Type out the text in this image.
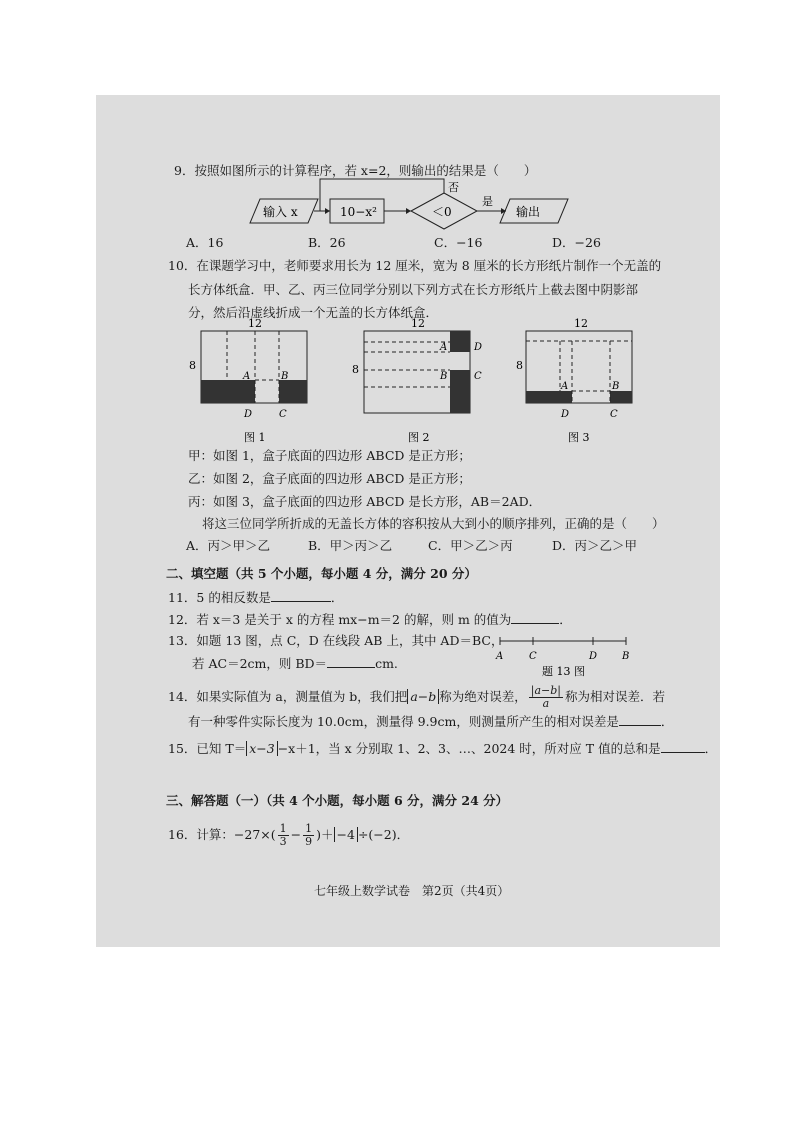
9．按照如图所示的计算程序，若 x=2，则输出的结果是（　　）
输入 x	10−x²	＜0
否
是
输出
A．16	B．26	C．−16	D．−26
10．在课题学习中，老师要求用长为 12 厘米，宽为 8 厘米的长方形纸片制作一个无盖的
长方体纸盒．甲、乙、丙三位同学分别以下列方式在长方形纸片上截去图中阴影部
分，然后沿虚线折成一个无盖的长方体纸盒．
12
8
A	B
D	C
图 1
12
8
A	D
B	C
图 2
12
8
A	B
D	C
图 3
甲：如图 1，盒子底面的四边形 ABCD 是正方形；
乙：如图 2，盒子底面的四边形 ABCD 是正方形；
丙：如图 3，盒子底面的四边形 ABCD 是长方形，AB＝2AD．
将这三位同学所折成的无盖长方体的容积按从大到小的顺序排列，正确的是（　　）
A．丙＞甲＞乙	B．甲＞丙＞乙	C．甲＞乙＞丙	D．丙＞乙＞甲
二、填空题（共 5 个小题，每小题 4 分，满分 20 分）
11．5 的相反数是	．
12．若 x＝3 是关于 x 的方程 mx−m＝2 的解，则 m 的值为	．
13．如题 13 图，点 C，D 在线段 AB 上，其中 AD＝BC，
若 AC＝2cm，则 BD＝	cm.	A	C	D B
题 13 图
14．如果实际值为 a，测量值为 b，我们把 a−b 称为绝对误差， $\frac{|a-b|}{a}$ 称为相对误差．若
有一种零件实际长度为 10.0cm，测量得 9.9cm，则测量所产生的相对误差是	．
15．已知 T＝ x−3 −x＋1，当 x 分别取 1、2、3、…、2024 时，所对应 T 值的总和是	．
三、解答题（一）（共 4 个小题，每小题 6 分，满分 24 分）
16．计算：$-27\times( \frac{1}{3} - \frac{1}{9}$ )＋ −4 ÷(−2)．
七年级上数学试卷　第2页（共4页）
